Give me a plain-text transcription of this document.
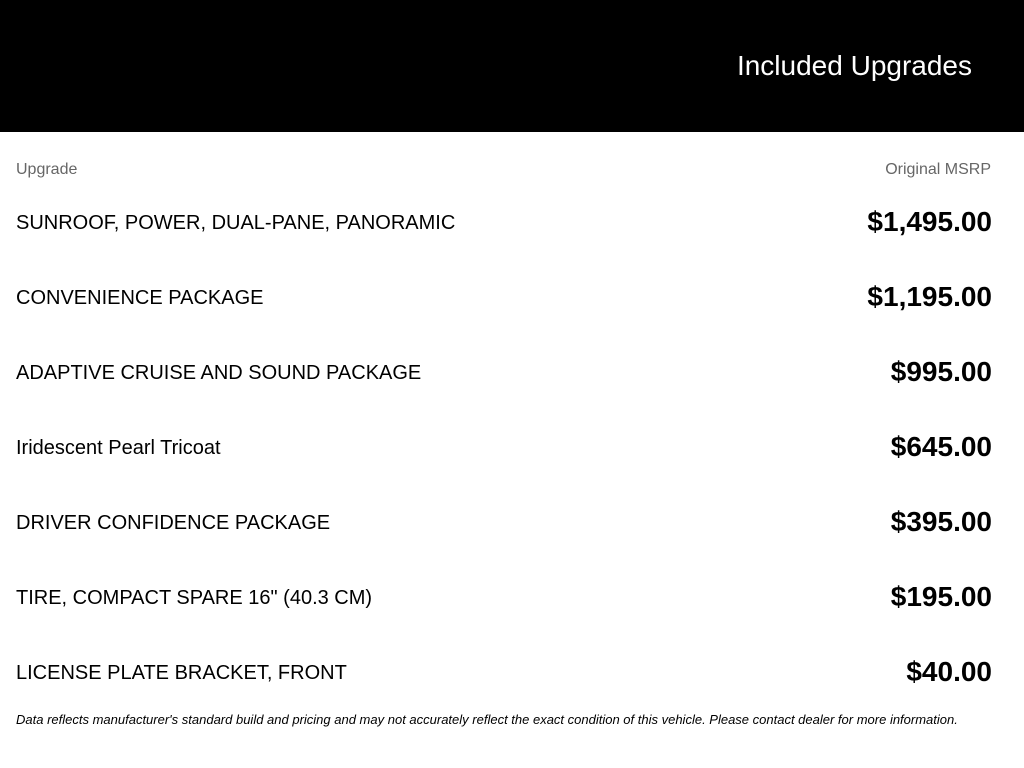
Included Upgrades
Upgrade	Original MSRP
SUNROOF, POWER, DUAL-PANE, PANORAMIC	$1,495.00
CONVENIENCE PACKAGE	$1,195.00
ADAPTIVE CRUISE AND SOUND PACKAGE	$995.00
Iridescent Pearl Tricoat	$645.00
DRIVER CONFIDENCE PACKAGE	$395.00
TIRE, COMPACT SPARE 16" (40.3 CM)	$195.00
LICENSE PLATE BRACKET, FRONT	$40.00
Data reflects manufacturer's standard build and pricing and may not accurately reflect the exact condition of this vehicle. Please contact dealer for more information.
